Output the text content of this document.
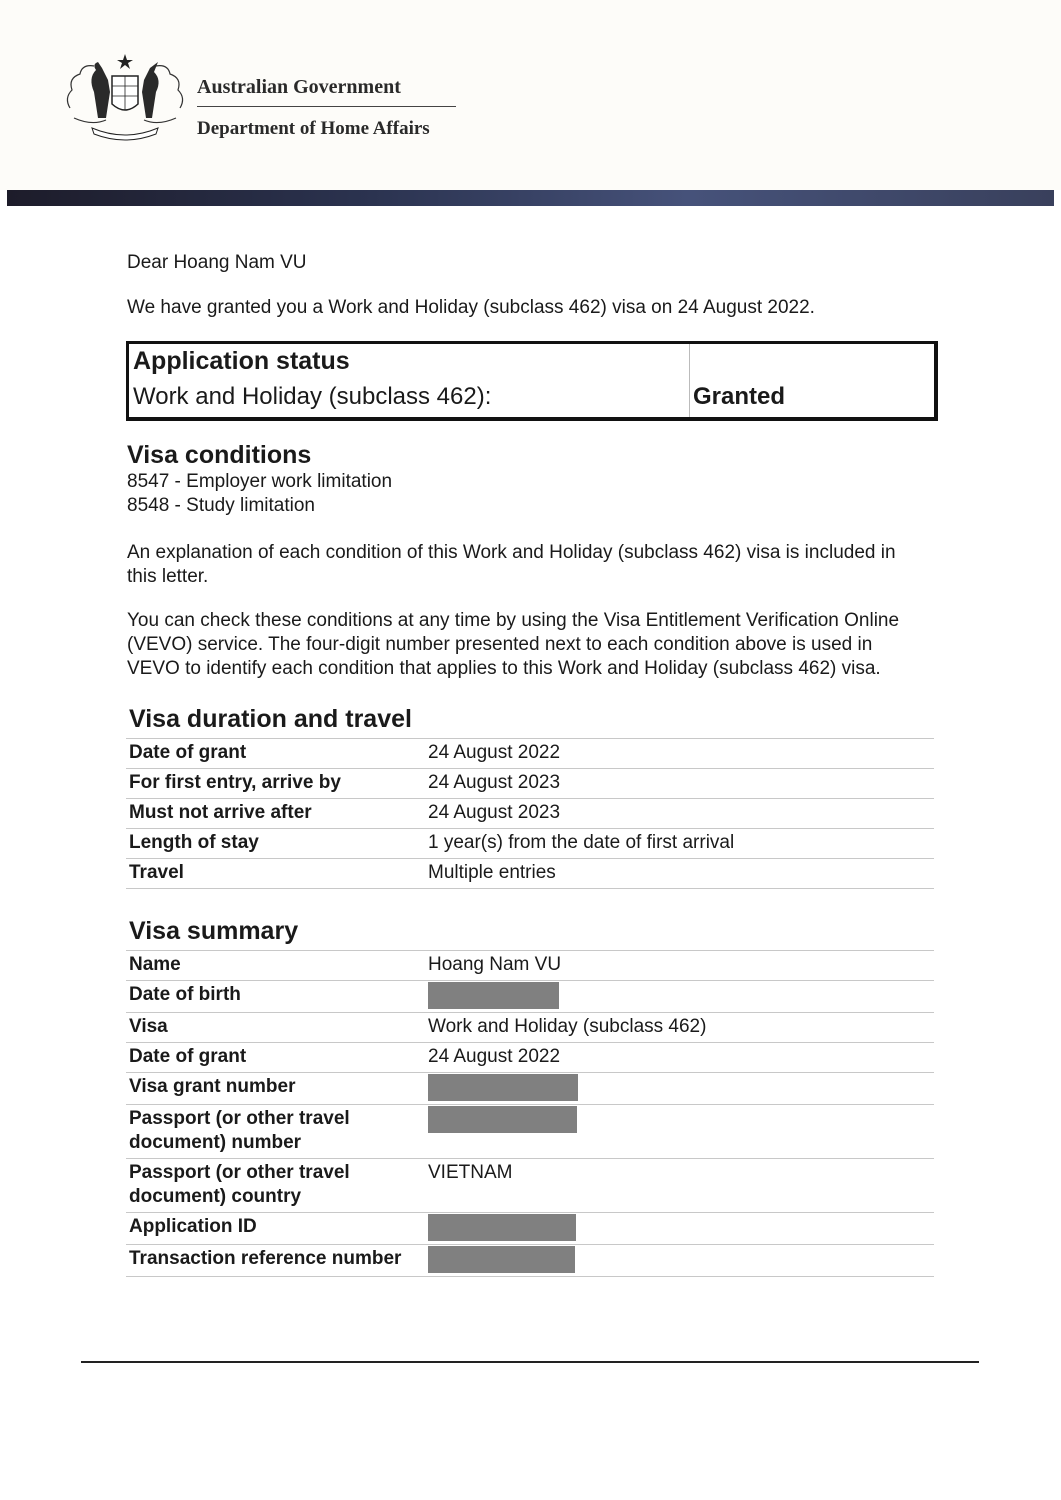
Australian Government
Department of Home Affairs
Dear Hoang Nam VU
We have granted you a Work and Holiday (subclass 462) visa on 24 August 2022.
Application status
Work and Holiday (subclass 462):	Granted
Visa conditions
8547 - Employer work limitation
8548 - Study limitation
An explanation of each condition of this Work and Holiday (subclass 462) visa is included in
this letter.
You can check these conditions at any time by using the Visa Entitlement Verification Online
(VEVO) service. The four-digit number presented next to each condition above is used in
VEVO to identify each condition that applies to this Work and Holiday (subclass 462) visa.
Visa duration and travel
Date of grant	24 August 2022
For first entry, arrive by	24 August 2023
Must not arrive after	24 August 2023
Length of stay	1 year(s) from the date of first arrival
Travel	Multiple entries
Visa summary
Name	Hoang Nam VU
Date of birth	
Visa	Work and Holiday (subclass 462)
Date of grant	24 August 2022
Visa grant number	
Passport (or other travel
document) number	
Passport (or other travel
document) country	VIETNAM
Application ID	
Transaction reference number	
